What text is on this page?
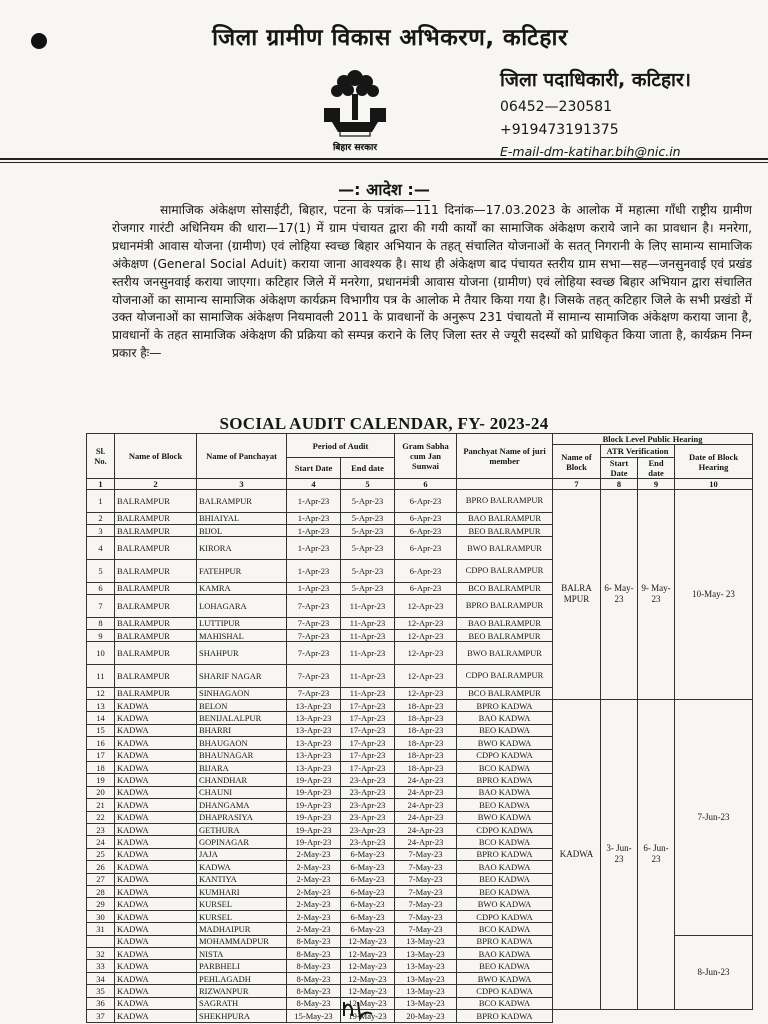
जिला ग्रामीण विकास अभिकरण, कटिहार
बिहार सरकार
जिला पदाधिकारी, कटिहार।
06452—230581
+919473191375
E-mail-dm-katihar.bih@nic.in
—: आदेश :—

सामाजिक अंकेक्षण सोसाईटी, बिहार, पटना के पत्रांक—111 दिनांक—17.03.2023 के आलोक में महात्मा गाँधी राष्ट्रीय ग्रामीण रोजगार गारंटी अधिनियम की धारा—17(1) में ग्राम पंचायत द्वारा की गयी कार्यों का सामाजिक अंकेक्षण कराये जाने का प्रावधान है। मनरेगा, प्रधानमंत्री आवास योजना (ग्रामीण) एवं लोहिया स्वच्छ बिहार अभियान के तहत् संचालित योजनाओं के सतत् निगरानी के लिए सामान्य सामाजिक अंकेक्षण (General Social Aduit) कराया जाना आवश्यक है। साथ ही अंकेक्षण बाद पंचायत स्तरीय ग्राम सभा—सह—जनसुनवाई एवं प्रखंड स्तरीय जनसुनवाई कराया जाएगा। कटिहार जिले में मनरेगा, प्रधानमंत्री आवास योजना (ग्रामीण) एवं लोहिया स्वच्छ बिहार अभियान द्वारा संचालित योजनाओं का सामान्य सामाजिक अंकेक्षण कार्यक्रम विभागीय पत्र के आलोक मे तैयार किया गया है। जिसके तहत् कटिहार जिले के सभी प्रखंडो में उक्त योजनाओं का सामाजिक अंकेक्षण नियमावली 2011 के प्रावधानों के अनुरूप 231 पंचायतो में सामान्य सामाजिक अंकेक्षण कराया जाना है, प्रावधानों के तहत सामाजिक अंकेक्षण की प्रक्रिया को सम्पन्न कराने के लिए जिला स्तर से ज्यूरी सदस्यों को प्राधिकृत किया जाता है, कार्यक्रम निम्न प्रकार हैः—

SOCIAL AUDIT CALENDAR, FY- 2023-24
Sl. No.	Name of Block	Name of Panchayat	Period of Audit		Gram Sabha cum Jan Sunwai	Panchyat Name of juri member	Block Level Public Hearing			
							Name of Block	ATR Verification		Date of Block Hearing
			Start Date	End date				Start Date	End date	
1	2	3	4	5	6		7	8	9	10
1	BALRAMPUR	BALRAMPUR	1-Apr-23	5-Apr-23	6-Apr-23	BPRO BALRAMPUR	BALRA MPUR	6- May- 23	9- May- 23	10-May- 23
2	BALRAMPUR	BHIAIYAL	1-Apr-23	5-Apr-23	6-Apr-23	BAO BALRAMPUR				
3	BALRAMPUR	BIJOL	1-Apr-23	5-Apr-23	6-Apr-23	BEO BALRAMPUR				
4	BALRAMPUR	KIRORA	1-Apr-23	5-Apr-23	6-Apr-23	BWO BALRAMPUR				
5	BALRAMPUR	FATEHPUR	1-Apr-23	5-Apr-23	6-Apr-23	CDPO BALRAMPUR				
6	BALRAMPUR	KAMRA	1-Apr-23	5-Apr-23	6-Apr-23	BCO BALRAMPUR				
7	BALRAMPUR	LOHAGARA	7-Apr-23	11-Apr-23	12-Apr-23	BPRO BALRAMPUR				
8	BALRAMPUR	LUTTIPUR	7-Apr-23	11-Apr-23	12-Apr-23	BAO BALRAMPUR				
9	BALRAMPUR	MAHISHAL	7-Apr-23	11-Apr-23	12-Apr-23	BEO BALRAMPUR				
10	BALRAMPUR	SHAHPUR	7-Apr-23	11-Apr-23	12-Apr-23	BWO BALRAMPUR				
11	BALRAMPUR	SHARIF NAGAR	7-Apr-23	11-Apr-23	12-Apr-23	CDPO BALRAMPUR				
12	BALRAMPUR	SINHAGAON	7-Apr-23	11-Apr-23	12-Apr-23	BCO BALRAMPUR				
13	KADWA	BELON	13-Apr-23	17-Apr-23	18-Apr-23	BPRO KADWA	KADWA	3- Jun- 23	6- Jun- 23	7-Jun-23
14	KADWA	BENIJALALPUR	13-Apr-23	17-Apr-23	18-Apr-23	BAO KADWA				
15	KADWA	BHARRI	13-Apr-23	17-Apr-23	18-Apr-23	BEO KADWA				
16	KADWA	BHAUGAON	13-Apr-23	17-Apr-23	18-Apr-23	BWO KADWA				
17	KADWA	BHAUNAGAR	13-Apr-23	17-Apr-23	18-Apr-23	CDPO KADWA				
18	KADWA	BIJARA	13-Apr-23	17-Apr-23	18-Apr-23	BCO KADWA				
19	KADWA	CHANDHAR	19-Apr-23	23-Apr-23	24-Apr-23	BPRO KADWA				
20	KADWA	CHAUNI	19-Apr-23	23-Apr-23	24-Apr-23	BAO KADWA				
21	KADWA	DHANGAMA	19-Apr-23	23-Apr-23	24-Apr-23	BEO KADWA				
22	KADWA	DHAPRASIYA	19-Apr-23	23-Apr-23	24-Apr-23	BWO KADWA				
23	KADWA	GETHURA	19-Apr-23	23-Apr-23	24-Apr-23	CDPO KADWA				
24	KADWA	GOPINAGAR	19-Apr-23	23-Apr-23	24-Apr-23	BCO KADWA				
25	KADWA	JAJA	2-May-23	6-May-23	7-May-23	BPRO KADWA				
26	KADWA	KADWA	2-May-23	6-May-23	7-May-23	BAO KADWA				
27	KADWA	KANTIYA	2-May-23	6-May-23	7-May-23	BEO KADWA				
28	KADWA	KUMHARI	2-May-23	6-May-23	7-May-23	BEO KADWA				
29	KADWA	KURSEL	2-May-23	6-May-23	7-May-23	BWO KADWA				
30	KADWA	KURSEL	2-May-23	6-May-23	7-May-23	CDPO KADWA				
31	KADWA	MADHAIPUR	2-May-23	6-May-23	7-May-23	BCO KADWA				
	KADWA	MOHAMMADPUR	8-May-23	12-May-23	13-May-23	BPRO KADWA				8-Jun-23
32	KADWA	NISTA	8-May-23	12-May-23	13-May-23	BAO KADWA				
33	KADWA	PARBHELI	8-May-23	12-May-23	13-May-23	BEO KADWA				
34	KADWA	PEHLAGADH	8-May-23	12-May-23	13-May-23	BWO KADWA				
35	KADWA	RIZWANPUR	8-May-23	12-May-23	13-May-23	CDPO KADWA				
36	KADWA	SAGRATH	8-May-23	12-May-23	13-May-23	BCO KADWA				
37	KADWA	SHEKHPURA	15-May-23	19-May-23	20-May-23	BPRO KADWA				
